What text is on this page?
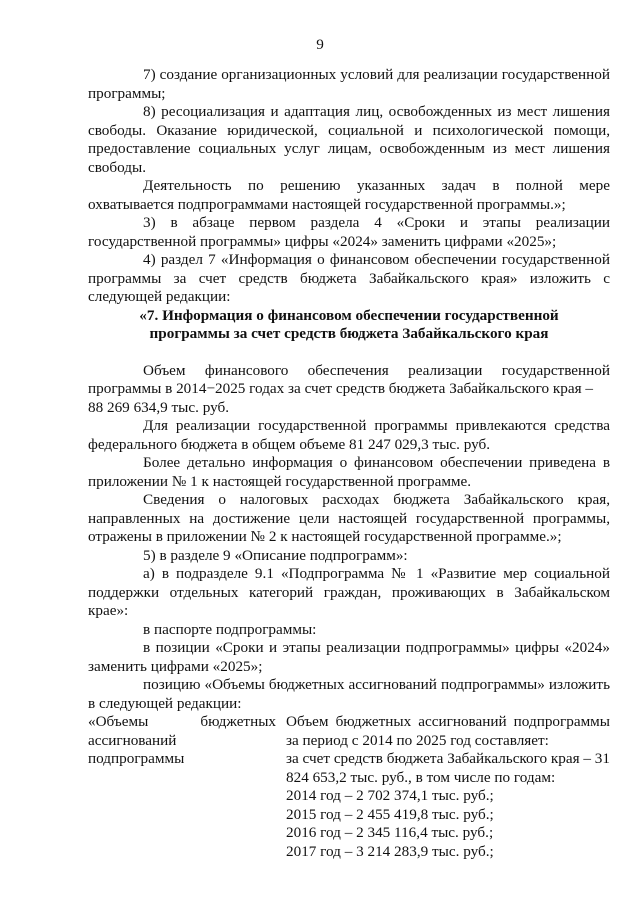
9

7) создание организационных условий для реализации государственной программы;

8) ресоциализация и адаптация лиц, освобожденных из мест лишения свободы. Оказание юридической, социальной и психологической помощи, предоставление социальных услуг лицам, освобожденным из мест лишения свободы.

Деятельность по решению указанных задач в полной мере охватывается подпрограммами настоящей государственной программы.»;

3) в абзаце первом раздела 4 «Сроки и этапы реализации государственной программы» цифры «2024» заменить цифрами «2025»;

4) раздел 7 «Информация о финансовом обеспечении государственной программы за счет средств бюджета Забайкальского края» изложить с следующей редакции:

«7. Информация о финансовом обеспечении государственной программы за счет средств бюджета Забайкальского края

Объем финансового обеспечения реализации государственной программы в 2014−2025 годах за счет средств бюджета Забайкальского края –

88 269 634,9 тыс. руб.

Для реализации государственной программы привлекаются средства федерального бюджета в общем объеме 81 247 029,3 тыс. руб.

Более детально информация о финансовом обеспечении приведена в приложении № 1 к настоящей государственной программе.

Сведения о налоговых расходах бюджета Забайкальского края, направленных на достижение цели настоящей государственной программы, отражены в приложении № 2 к настоящей государственной программе.»;

5) в разделе 9 «Описание подпрограмм»:

а) в подразделе 9.1 «Подпрограмма № 1 «Развитие мер социальной поддержки отдельных категорий граждан, проживающих в Забайкальском крае»:

в паспорте подпрограммы:

в позиции «Сроки и этапы реализации подпрограммы» цифры «2024» заменить цифрами «2025»;

позицию «Объемы бюджетных ассигнований подпрограммы» изложить в следующей редакции:

«Объемы бюджетных ассигнований подпрограммы

Объем бюджетных ассигнований подпрограммы за период с 2014 по 2025 год составляет:

за счет средств бюджета Забайкальского края – 31 824 653,2 тыс. руб., в том числе по годам:

2014 год – 2 702 374,1 тыс. руб.;

2015 год – 2 455 419,8 тыс. руб.;

2016 год – 2 345 116,4 тыс. руб.;

2017 год – 3 214 283,9 тыс. руб.;
